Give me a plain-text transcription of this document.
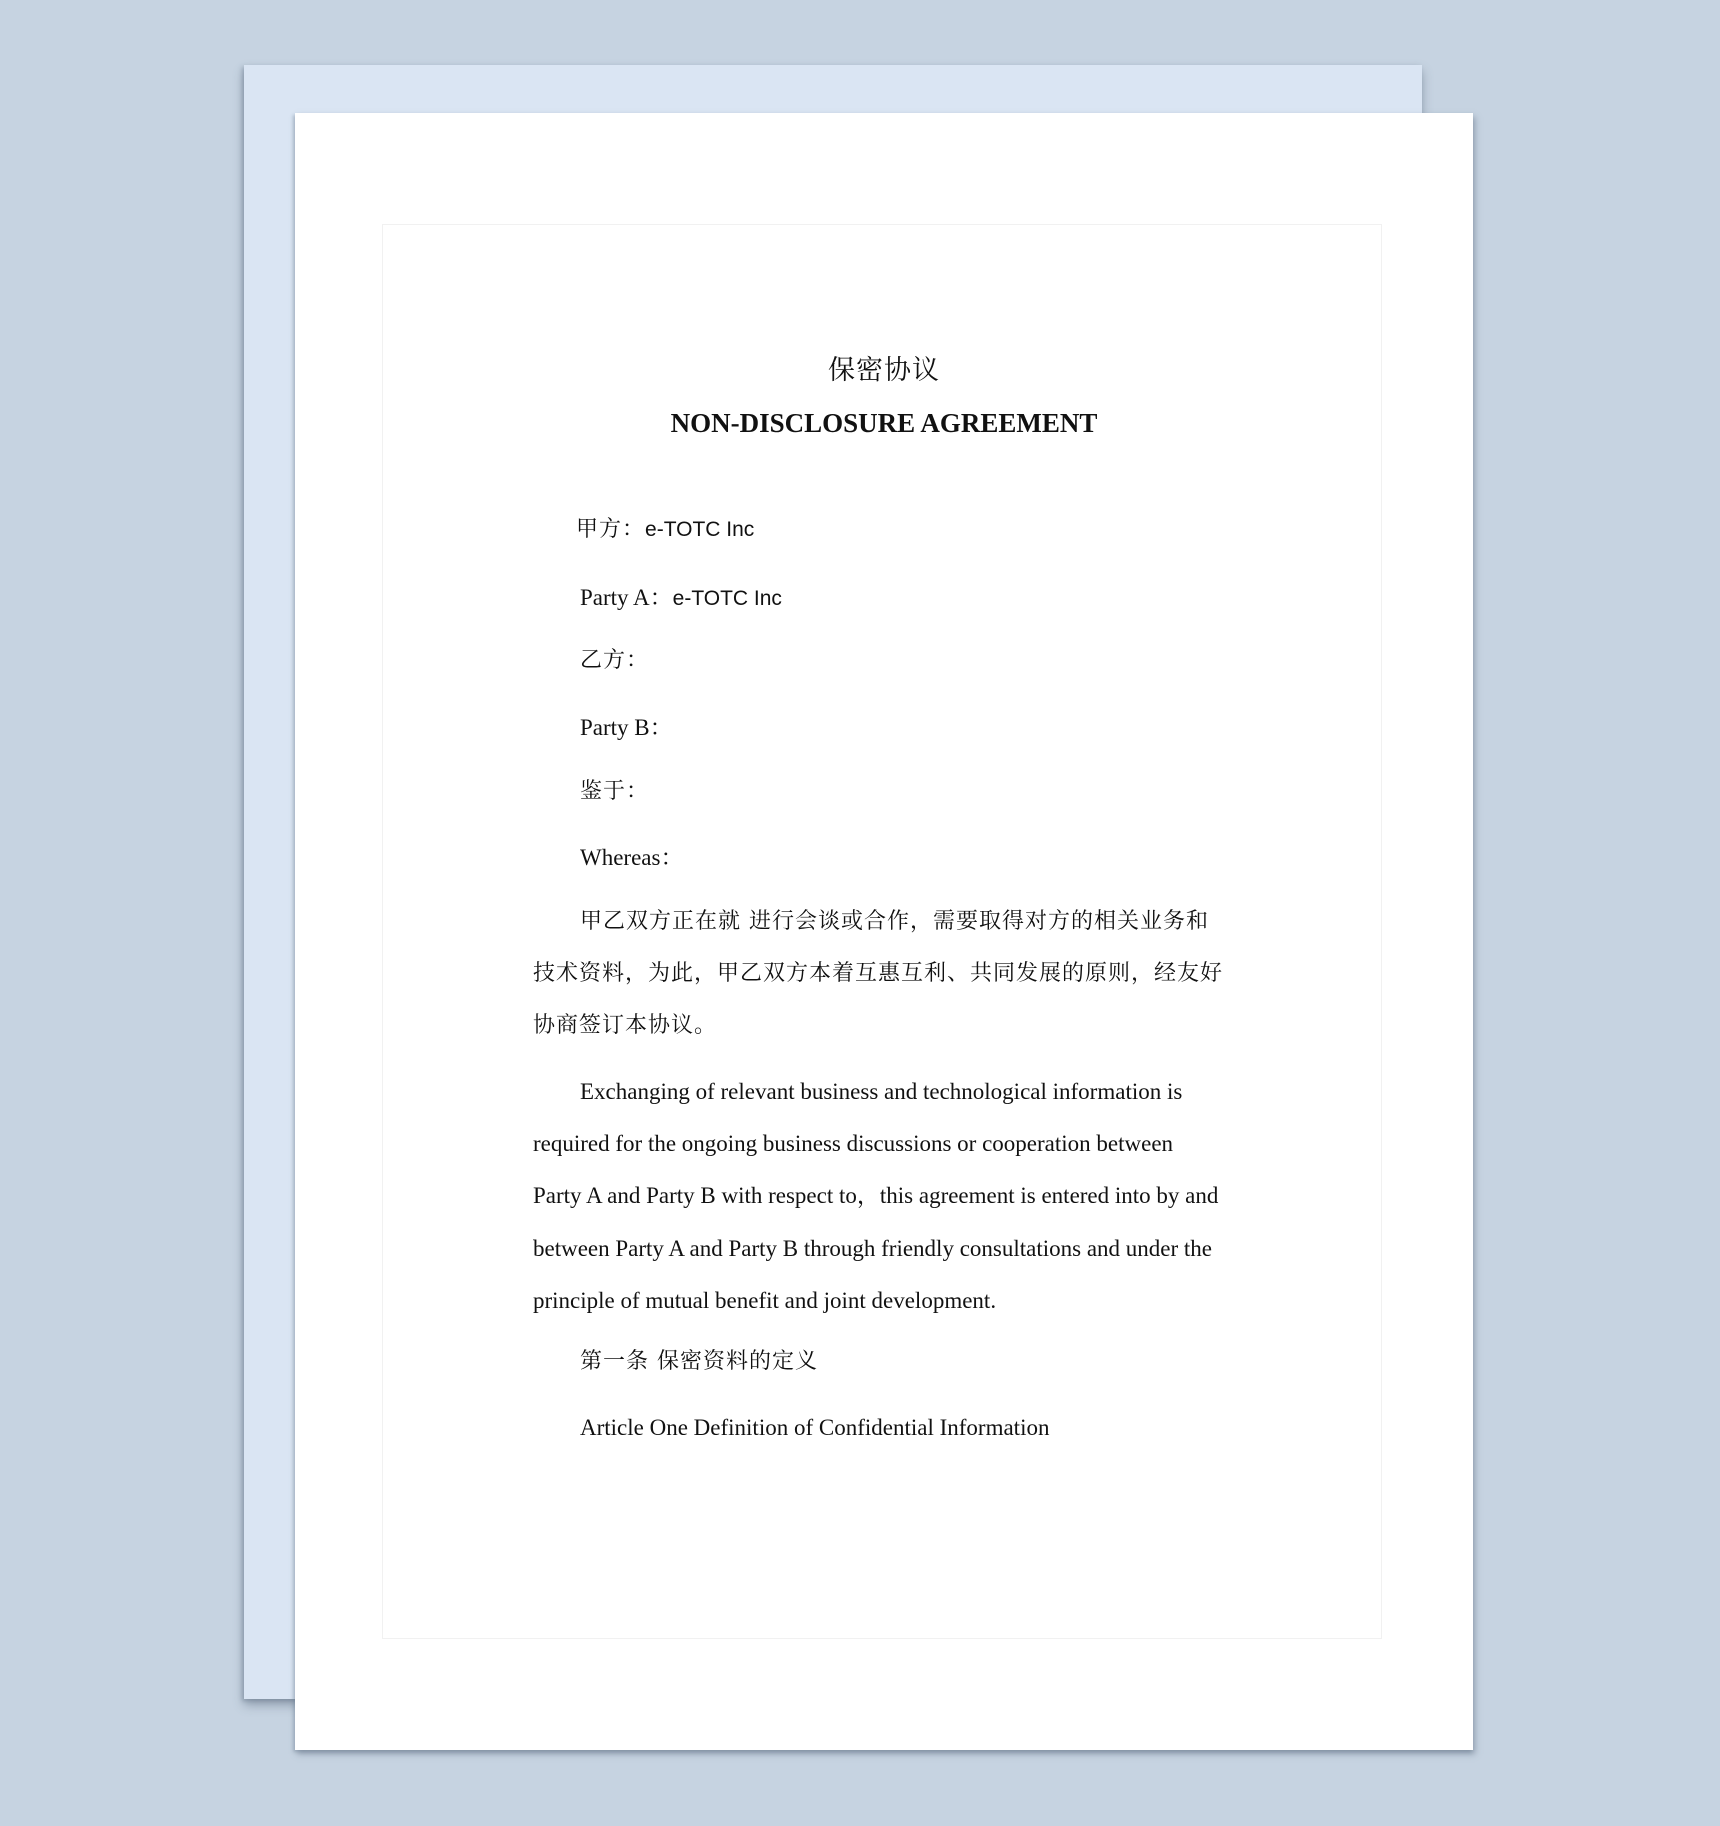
保密协议
NON-DISCLOSURE AGREEMENT
甲方：e-TOTC Inc
Party A：e-TOTC Inc
乙方：
Party B：
鉴于：
Whereas：
甲乙双方正在就 进行会谈或合作，需要取得对方的相关业务和
技术资料，为此，甲乙双方本着互惠互利、共同发展的原则，经友好
协商签订本协议。
Exchanging of relevant business and technological information is
required for the ongoing business discussions or cooperation between
Party A and Party B with respect to，this agreement is entered into by and
between Party A and Party B through friendly consultations and under the
principle of mutual benefit and joint development.
第一条 保密资料的定义
Article One Definition of Confidential Information
